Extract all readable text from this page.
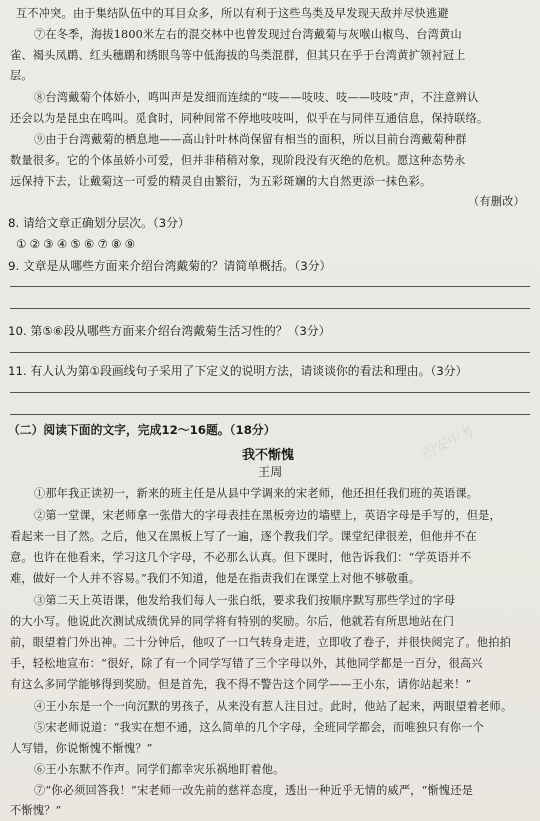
互不冲突。由于集结队伍中的耳目众多，所以有利于这些鸟类及早发现天敌并尽快逃避
⑦在冬季，海拔1800米左右的混交林中也曾发现过台湾戴菊与灰喉山椒鸟、台湾黄山
雀、褐头凤鹛、红头穗鹛和绣眼鸟等中低海拔的鸟类混群，但其只在乎于台湾黄扩领衬冠上
层。
⑧台湾戴菊个体娇小，鸣叫声是发细而连续的“吱——吱吱、吱——吱吱”声，不注意辨认
还会以为是昆虫在鸣叫。觅食时，同种间常不停地吱吱叫，似乎在与同伴互通信息，保持联络。
⑨由于台湾戴菊的栖息地——高山针叶林尚保留有相当的面积，所以目前台湾戴菊种群
数量很多。它的个体虽娇小可爱，但并非稍稍对象，现阶段没有灭绝的危机。愿这种态势永
远保持下去，让戴菊这一可爱的精灵自由繁衍，为五彩斑斓的大自然更添一抹色彩。
（有删改）
8. 请给文章正确划分层次。（3分）
①②③④⑤⑥⑦⑧⑨
9. 文章是从哪些方面来介绍台湾戴菊的？请简单概括。（3分）
10. 第⑤⑥段从哪些方面来介绍台湾戴菊生活习性的？（3分）
11. 有人认为第①段画线句子采用了下定义的说明方法，请谈谈你的看法和理由。（3分）
（二）阅读下面的文字，完成12～16题。（18分）
我不惭愧
王周
①那年我正读初一，新来的班主任是从县中学调来的宋老师，他还担任我们班的英语课。
②第一堂课，宋老师拿一张借大的字母表挂在黑板旁边的墙壁上，英语字母是手写的，但是，
看起来一目了然。之后，他又在黑板上写了一遍，逐个教我们学。课堂纪律很差，但他并不在
意。也许在他看来，学习这几个字母，不必那么认真。但下课时，他告诉我们：“学英语并不
难，做好一个人并不容易。”我们不知道，他是在指责我们在课堂上对他不够敬重。
③第二天上英语课，他发给我们每人一张白纸，要求我们按顺序默写那些学过的字母
的大小写。他说此次测试成绩优异的同学将有特别的奖励。尔后，他就若有所思地站在门
前，眼望着门外出神。二十分钟后，他叹了一口气转身走进，立即收了卷子，并很快阅完了。他拍拍
手，轻松地宣布：“很好，除了有一个同学写错了三个字母以外，其他同学都是一百分，很高兴
有这么多同学能够得到奖励。但是首先，我不得不警告这个同学——王小东，请你站起来！”
④王小东是一个一向沉默的男孩子，从来没有惹人注目过。此时，他站了起来，两眼望着老师。
⑤宋老师说道：“我实在想不通，这么简单的几个字母，全班同学都会，而唯独只有你一个
人写错，你说惭愧不惭愧？”
⑥王小东默不作声。同学们都幸灾乐祸地盯着他。
⑦“你必须回答我！”宋老师一改先前的慈祥态度，透出一种近乎无情的威严，“惭愧还是
不惭愧？”
西安中考
